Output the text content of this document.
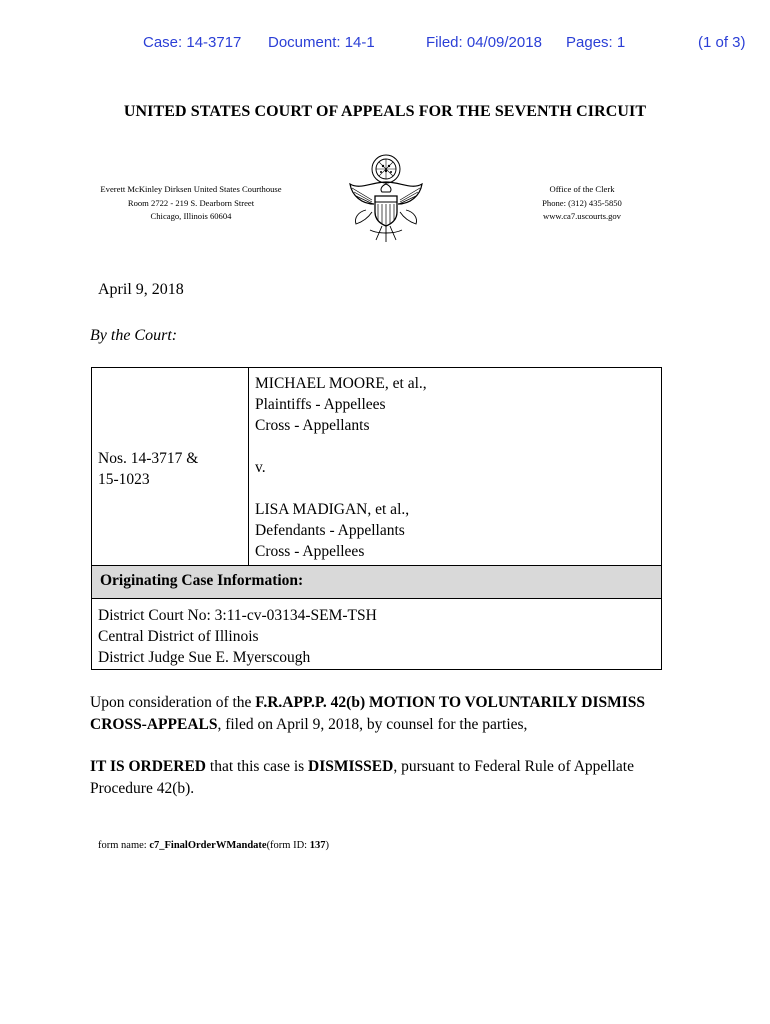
Case: 14-3717 Document: 14-1	Filed: 04/09/2018 Pages: 1	(1 of 3)
UNITED STATES COURT OF APPEALS FOR THE SEVENTH CIRCUIT
Everett McKinley Dirksen United States Courthouse
Room 2722 - 219 S. Dearborn Street
Chicago, Illinois 60604
Office of the Clerk
Phone: (312) 435-5850
www.ca7.uscourts.gov
April 9, 2018
By the Court:
Nos. 14-3717 &
15-1023
MICHAEL MOORE, et al.,
Plaintiffs - Appellees
Cross - Appellants
v.
LISA MADIGAN, et al.,
Defendants - Appellants
Cross - Appellees
Originating Case Information:
District Court No: 3:11-cv-03134-SEM-TSH
Central District of Illinois
District Judge Sue E. Myerscough
Upon consideration of the F.R.APP.P. 42(b) MOTION TO VOLUNTARILY DISMISS CROSS-APPEALS, filed on April 9, 2018, by counsel for the parties,
IT IS ORDERED that this case is DISMISSED, pursuant to Federal Rule of Appellate Procedure 42(b).
form name: c7_FinalOrderWMandate(form ID: 137)
